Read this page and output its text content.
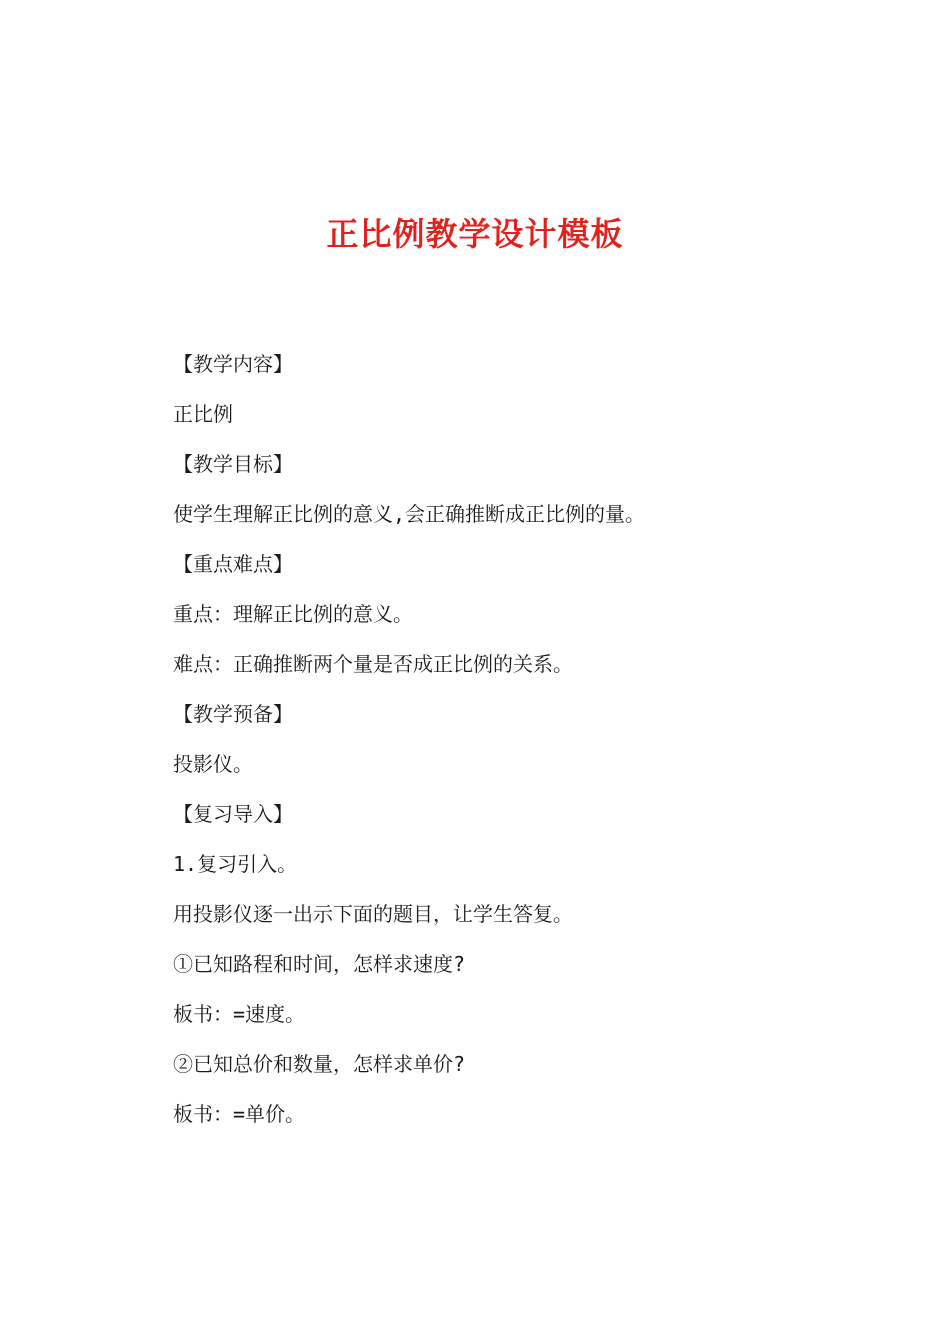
正比例教学设计模板
【教学内容】
正比例
【教学目标】
使学生理解正比例的意义,会正确推断成正比例的量。
【重点难点】
重点：理解正比例的意义。
难点：正确推断两个量是否成正比例的关系。
【教学预备】
投影仪。
【复习导入】
1.复习引入。
用投影仪逐一出示下面的题目，让学生答复。
①已知路程和时间，怎样求速度?
板书：=速度。
②已知总价和数量，怎样求单价?
板书：=单价。
